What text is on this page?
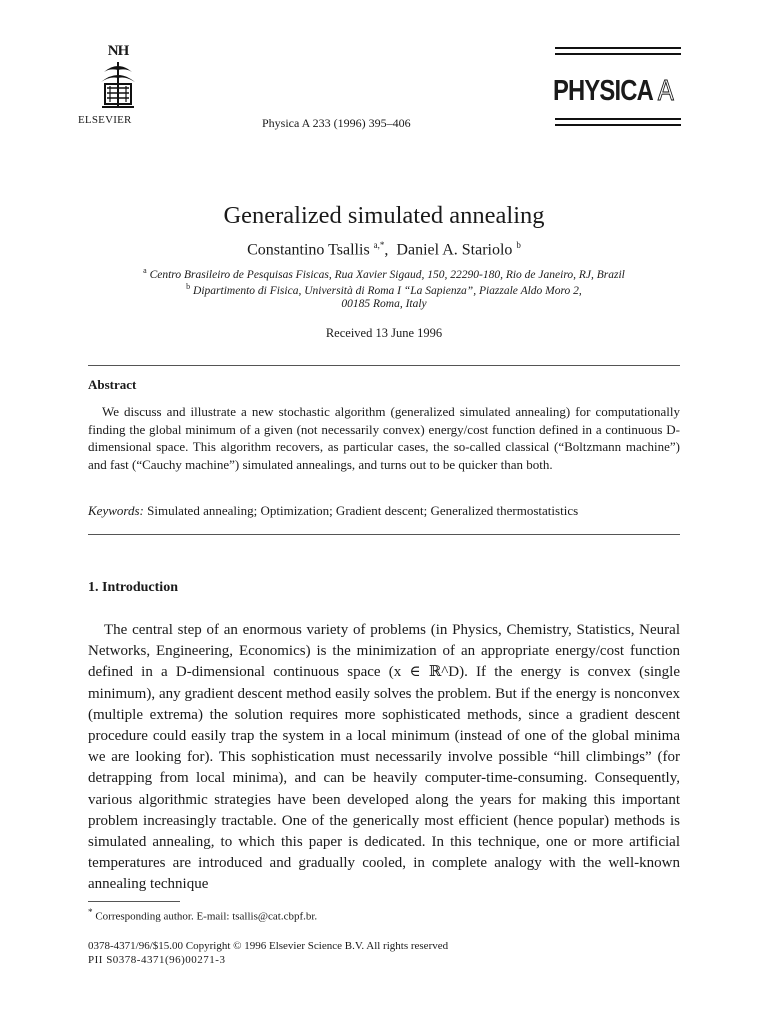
NH
ELSEVIER	Physica A 233 (1996) 395–406
PHYSICA A
Generalized simulated annealing
Constantino Tsallis $^{a,*}$,  Daniel A. Stariolo $^b$
$^a$ Centro Brasileiro de Pesquisas Fisicas, Rua Xavier Sigaud, 150, 22290-180, Rio de Janeiro, RJ, Brazil
$^b$ Dipartimento di Fisica, Università di Roma I “La Sapienza”, Piazzale Aldo Moro 2,
00185 Roma, Italy
Received 13 June 1996
Abstract

We discuss and illustrate a new stochastic algorithm (generalized simulated annealing) for computationally finding the global minimum of a given (not necessarily convex) energy/cost function defined in a continuous D-dimensional space. This algorithm recovers, as particular cases, the so-called classical (“Boltzmann machine”) and fast (“Cauchy machine”) simulated annealings, and turns out to be quicker than both.

Keywords: Simulated annealing; Optimization; Gradient descent; Generalized thermostatistics
1. Introduction

The central step of an enormous variety of problems (in Physics, Chemistry, Statistics, Neural Networks, Engineering, Economics) is the minimization of an appropriate energy/cost function defined in a D-dimensional continuous space (x ∈ ℝ^D). If the energy is convex (single minimum), any gradient descent method easily solves the problem. But if the energy is nonconvex (multiple extrema) the solution requires more sophisticated methods, since a gradient descent procedure could easily trap the system in a local minimum (instead of one of the global minima we are looking for). This sophistication must necessarily involve possible “hill climbings” (for detrapping from local minima), and can be heavily computer-time-consuming. Consequently, various algorithmic strategies have been developed along the years for making this important problem increasingly tractable. One of the generically most efficient (hence popular) methods is simulated annealing, to which this paper is dedicated. In this technique, one or more artificial temperatures are introduced and gradually cooled, in complete analogy with the well-known annealing technique

* Corresponding author. E-mail: tsallis@cat.cbpf.br.
0378-4371/96/$15.00 Copyright © 1996 Elsevier Science B.V. All rights reserved
PII S0378-4371(96)00271-3
